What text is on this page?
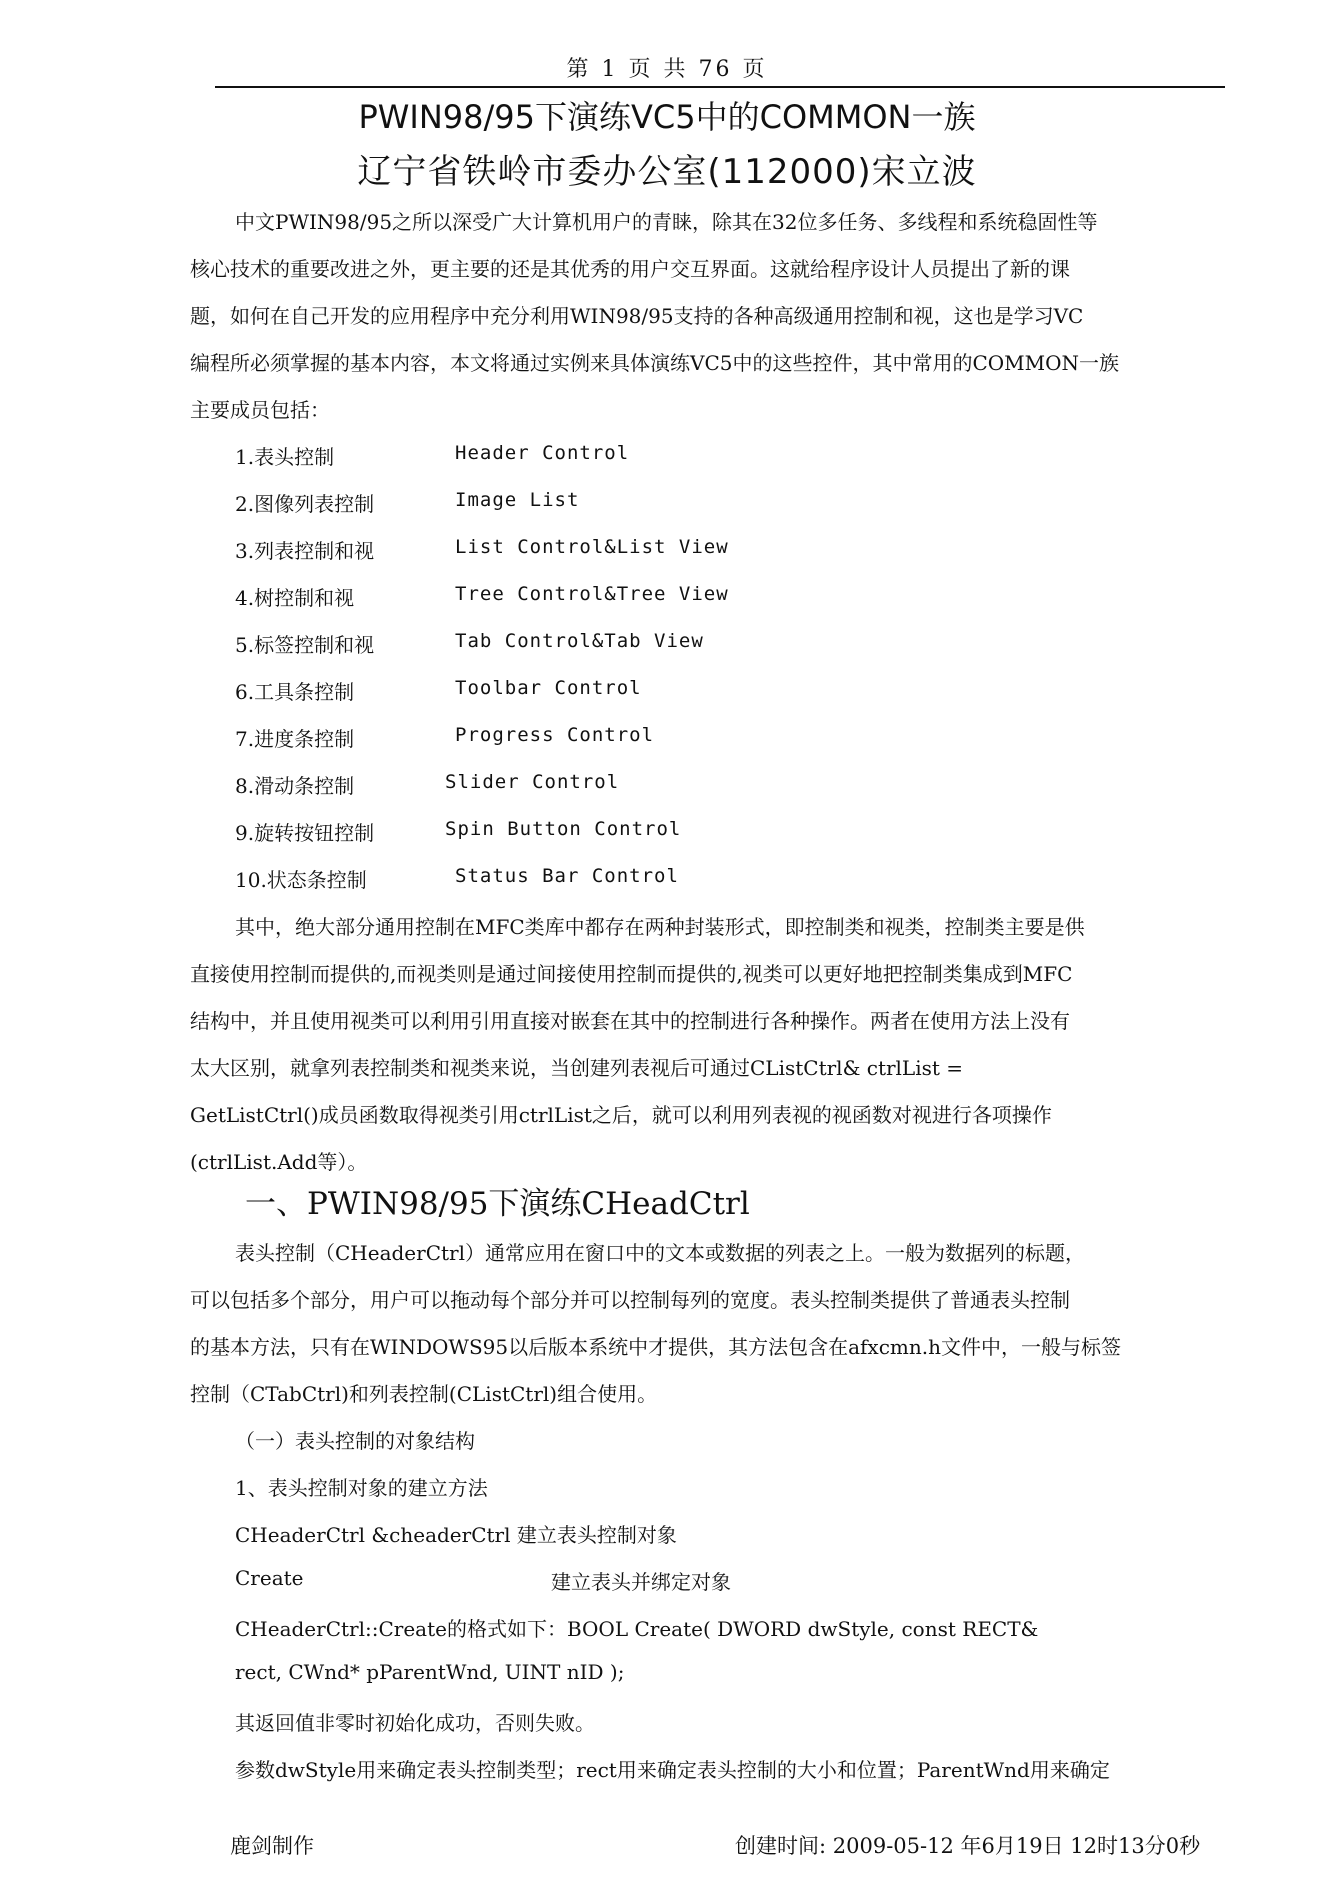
第 1 页 共 76 页
PWIN98/95下演练VC5中的COMMON一族
辽宁省铁岭市委办公室(112000)宋立波
中文PWIN98/95之所以深受广大计算机用户的青睐，除其在32位多任务、多线程和系统稳固性等
核心技术的重要改进之外，更主要的还是其优秀的用户交互界面。这就给程序设计人员提出了新的课
题，如何在自己开发的应用程序中充分利用WIN98/95支持的各种高级通用控制和视，这也是学习VC
编程所必须掌握的基本内容，本文将通过实例来具体演练VC5中的这些控件，其中常用的COMMON一族
主要成员包括：
1.表头控制	Header Control
2.图像列表控制	Image List
3.列表控制和视	List Control&List View
4.树控制和视	Tree Control&Tree View
5.标签控制和视	Tab Control&Tab View
6.工具条控制	Toolbar Control
7.进度条控制	Progress Control
8.滑动条控制	Slider Control
9.旋转按钮控制	Spin Button Control
10.状态条控制	Status Bar Control
其中，绝大部分通用控制在MFC类库中都存在两种封装形式，即控制类和视类，控制类主要是供
直接使用控制而提供的,而视类则是通过间接使用控制而提供的,视类可以更好地把控制类集成到MFC
结构中，并且使用视类可以利用引用直接对嵌套在其中的控制进行各种操作。两者在使用方法上没有
太大区别，就拿列表控制类和视类来说，当创建列表视后可通过CListCtrl& ctrlList =
GetListCtrl()成员函数取得视类引用ctrlList之后，就可以利用列表视的视函数对视进行各项操作
(ctrlList.Add等）。
一、PWIN98/95下演练CHeadCtrl
表头控制（CHeaderCtrl）通常应用在窗口中的文本或数据的列表之上。一般为数据列的标题，
可以包括多个部分，用户可以拖动每个部分并可以控制每列的宽度。表头控制类提供了普通表头控制
的基本方法，只有在WINDOWS95以后版本系统中才提供，其方法包含在afxcmn.h文件中，一般与标签
控制（CTabCtrl)和列表控制(CListCtrl)组合使用。
（一）表头控制的对象结构
1、表头控制对象的建立方法
CHeaderCtrl &cheaderCtrl 建立表头控制对象
Create	建立表头并绑定对象
CHeaderCtrl::Create的格式如下：BOOL Create( DWORD dwStyle, const RECT&
rect, CWnd* pParentWnd, UINT nID );
其返回值非零时初始化成功，否则失败。
参数dwStyle用来确定表头控制类型；rect用来确定表头控制的大小和位置；ParentWnd用来确定
鹿剑制作	创建时间: 2009-05-12 年6月19日 12时13分0秒
